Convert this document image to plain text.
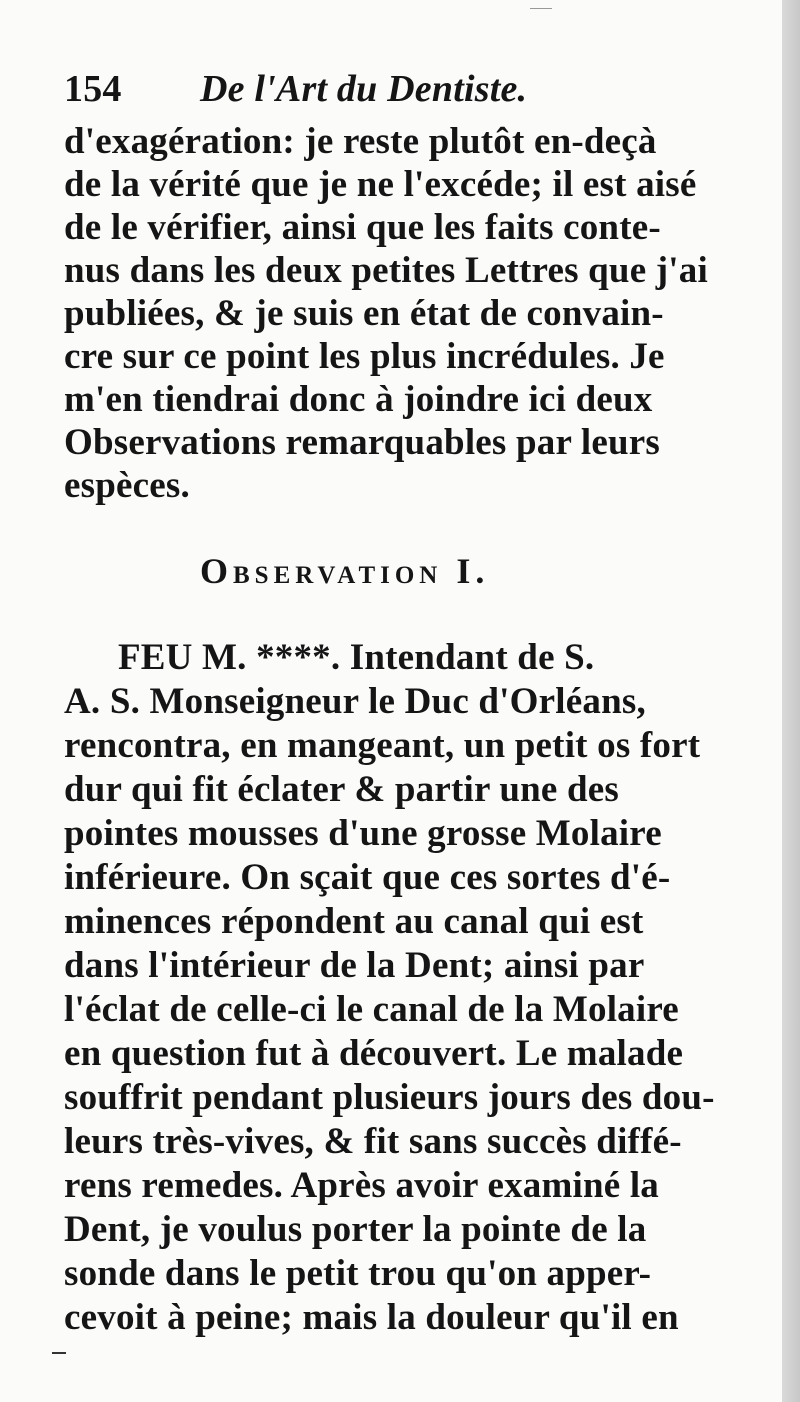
154 De l'Art du Dentiste.
d'exagération: je reste plutôt en-deçà
de la vérité que je ne l'excéde; il est aisé
de le vérifier, ainsi que les faits conte-
nus dans les deux petites Lettres que j'ai
publiées, & je suis en état de convain-
cre sur ce point les plus incrédules. Je
m'en tiendrai donc à joindre ici deux
Observations remarquables par leurs
espèces.
Observation I.
FEU M. ****. Intendant de S.
A. S. Monseigneur le Duc d'Orléans,
rencontra, en mangeant, un petit os fort
dur qui fit éclater & partir une des
pointes mousses d'une grosse Molaire
inférieure. On sçait que ces sortes d'é-
minences répondent au canal qui est
dans l'intérieur de la Dent; ainsi par
l'éclat de celle-ci le canal de la Molaire
en question fut à découvert. Le malade
souffrit pendant plusieurs jours des dou-
leurs très-vives, & fit sans succès diffé-
rens remedes. Après avoir examiné la
Dent, je voulus porter la pointe de la
sonde dans le petit trou qu'on apper-
cevoit à peine; mais la douleur qu'il en
